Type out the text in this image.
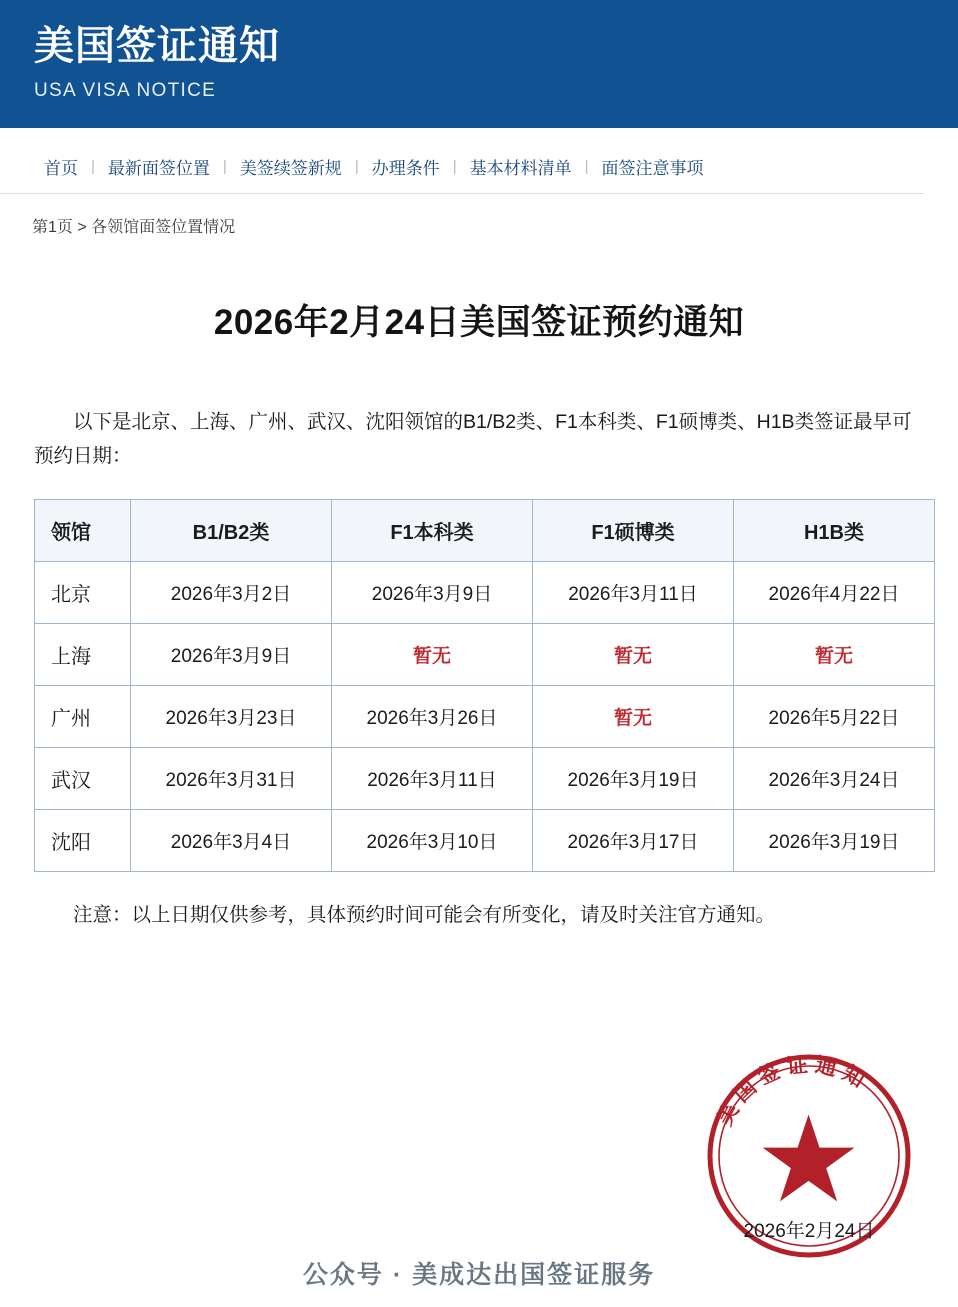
美国签证通知
USA VISA NOTICE
首页 | 最新面签位置 | 美签续签新规 | 办理条件 | 基本材料清单 | 面签注意事项
第1页 > 各领馆面签位置情况
2026年2月24日美国签证预约通知

以下是北京、上海、广州、武汉、沈阳领馆的B1/B2类、F1本科类、F1硕博类、H1B类签证最早可预约日期：

领馆	B1/B2类	F1本科类	F1硕博类	H1B类
北京	2026年3月2日	2026年3月9日	2026年3月11日	2026年4月22日
上海	2026年3月9日	暂无	暂无	暂无
广州	2026年3月23日	2026年3月26日	暂无	2026年5月22日
武汉	2026年3月31日	2026年3月11日	2026年3月19日	2026年3月24日
沈阳	2026年3月4日	2026年3月10日	2026年3月17日	2026年3月19日

注意：以上日期仅供参考，具体预约时间可能会有所变化，请及时关注官方通知。

美国签证通知
2026年2月24日
公众号 · 美成达出国签证服务
